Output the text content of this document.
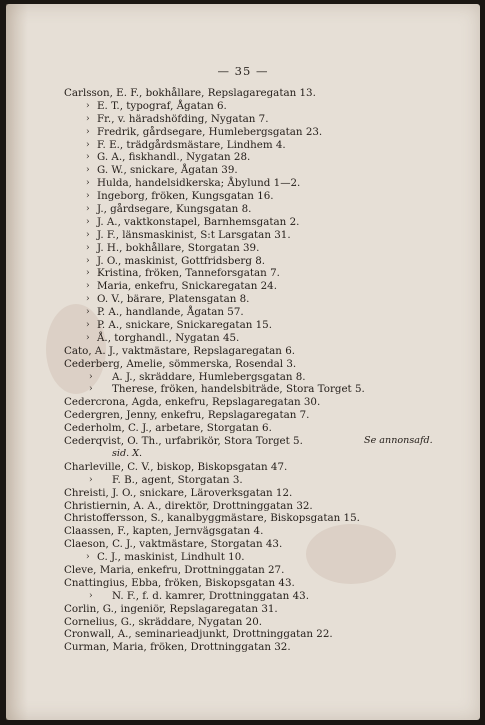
— 35 —
Carlsson, E. F., bokhållare, Repslagaregatan 13.
› E. T., typograf, Ågatan 6.
› Fr., v. häradshöfding, Nygatan 7.
› Fredrik, gårdsegare, Humlebergsgatan 23.
› F. E., trädgårdsmästare, Lindhem 4.
› G. A., fiskhandl., Nygatan 28.
› G. W., snickare, Ågatan 39.
› Hulda, handelsidkerska; Åbylund 1—2.
› Ingeborg, fröken, Kungsgatan 16.
› J., gårdsegare, Kungsgatan 8.
› J. A., vaktkonstapel, Barnhemsgatan 2.
› J. F., länsmaskinist, S:t Larsgatan 31.
› J. H., bokhållare, Storgatan 39.
› J. O., maskinist, Gottfridsberg 8.
› Kristina, fröken, Tanneforsgatan 7.
› Maria, enkefru, Snickaregatan 24.
› O. V., bärare, Platensgatan 8.
› P. A., handlande, Ågatan 57.
› P. A., snickare, Snickaregatan 15.
› Å., torghandl., Nygatan 45.
Cato, A. J., vaktmästare, Repslagaregatan 6.
Cederberg, Amelie, sömmerska, Rosendal 3.
› A. J., skräddare, Humlebergsgatan 8.
› Therese, fröken, handelsbiträde, Stora Torget 5.
Cedercrona, Agda, enkefru, Repslagaregatan 30.
Cedergren, Jenny, enkefru, Repslagaregatan 7.
Cederholm, C. J., arbetare, Storgatan 6.
Cederqvist, O. Th., urfabrikör, Stora Torget 5.	Se annonsafd.
sid. X.
Charleville, C. V., biskop, Biskopsgatan 47.
› F. B., agent, Storgatan 3.
Chreisti, J. O., snickare, Läroverksgatan 12.
Christiernin, A. A., direktör, Drottninggatan 32.
Christoffersson, S., kanalbyggmästare, Biskopsgatan 15.
Claassen, F., kapten, Jernvägsgatan 4.
Claeson, C. J., vaktmästare, Storgatan 43.
› C. J., maskinist, Lindhult 10.
Cleve, Maria, enkefru, Drottninggatan 27.
Cnattingius, Ebba, fröken, Biskopsgatan 43.
› N. F., f. d. kamrer, Drottninggatan 43.
Corlin, G., ingeniör, Repslagaregatan 31.
Cornelius, G., skräddare, Nygatan 20.
Cronwall, A., seminarieadjunkt, Drottninggatan 22.
Curman, Maria, fröken, Drottninggatan 32.
